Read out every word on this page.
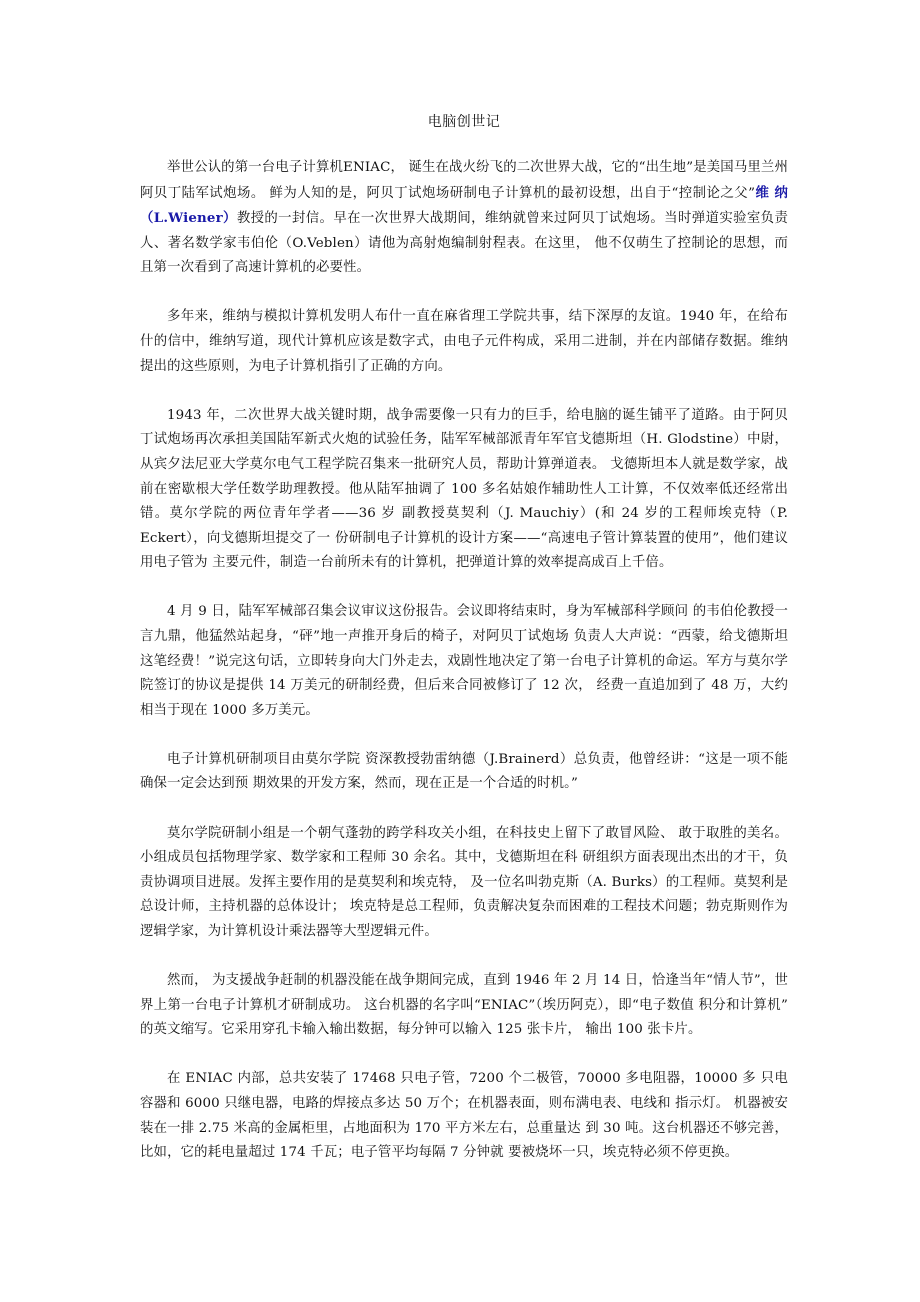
电脑创世记

举世公认的第一台电子计算机ENIAC， 诞生在战火纷飞的二次世界大战，它的“出生地”是美国马里兰州阿贝丁陆军试炮场。 鲜为人知的是，阿贝丁试炮场研制电子计算机的最初设想，出自于“控制论之父”维 纳（L.Wiener）教授的一封信。早在一次世界大战期间，维纳就曾来过阿贝丁试炮场。当时弹道实验室负责人、著名数学家韦伯伦（O.Veblen）请他为高射炮编制射程表。在这里， 他不仅萌生了控制论的思想，而且第一次看到了高速计算机的必要性。

多年来，维纳与模拟计算机发明人布什一直在麻省理工学院共事，结下深厚的友谊。1940 年，在给布什的信中，维纳写道，现代计算机应该是数字式，由电子元件构成，采用二进制，并在内部储存数据。维纳提出的这些原则，为电子计算机指引了正确的方向。

1943 年，二次世界大战关键时期，战争需要像一只有力的巨手，给电脑的诞生铺平了道路。由于阿贝丁试炮场再次承担美国陆军新式火炮的试验任务，陆军军械部派青年军官戈德斯坦（H. Glodstine）中尉，从宾夕法尼亚大学莫尔电气工程学院召集来一批研究人员，帮助计算弹道表。 戈德斯坦本人就是数学家，战前在密歇根大学任数学助理教授。他从陆军抽调了 100 多名姑娘作辅助性人工计算，不仅效率低还经常出错。莫尔学院的两位青年学者——36 岁 副教授莫契利（J. Mauchiy）(和 24 岁的工程师埃克特（P. Eckert），向戈德斯坦提交了一 份研制电子计算机的设计方案——“高速电子管计算装置的使用”，他们建议用电子管为 主要元件，制造一台前所未有的计算机，把弹道计算的效率提高成百上千倍。

4 月 9 日，陆军军械部召集会议审议这份报告。会议即将结束时，身为军械部科学顾问 的韦伯伦教授一言九鼎，他猛然站起身，“砰”地一声推开身后的椅子，对阿贝丁试炮场 负责人大声说：“西蒙，给戈德斯坦这笔经费！”说完这句话，立即转身向大门外走去，戏剧性地决定了第一台电子计算机的命运。军方与莫尔学院签订的协议是提供 14 万美元的研制经费，但后来合同被修订了 12 次， 经费一直追加到了 48 万，大约相当于现在 1000 多万美元。

电子计算机研制项目由莫尔学院 资深教授勃雷纳德（J.Brainerd）总负责，他曾经讲：“这是一项不能确保一定会达到预 期效果的开发方案，然而，现在正是一个合适的时机。”

莫尔学院研制小组是一个朝气蓬勃的跨学科攻关小组，在科技史上留下了敢冒风险、 敢于取胜的美名。小组成员包括物理学家、数学家和工程师 30 余名。其中，戈德斯坦在科 研组织方面表现出杰出的才干，负责协调项目进展。发挥主要作用的是莫契利和埃克特， 及一位名叫勃克斯（A. Burks）的工程师。莫契利是总设计师，主持机器的总体设计； 埃克特是总工程师，负责解决复杂而困难的工程技术问题；勃克斯则作为逻辑学家，为计算机设计乘法器等大型逻辑元件。

然而， 为支援战争赶制的机器没能在战争期间完成，直到 1946 年 2 月 14 日，恰逢当年“情人节”，世界上第一台电子计算机才研制成功。 这台机器的名字叫“ENIAC”（埃历阿克），即“电子数值 积分和计算机” 的英文缩写。它采用穿孔卡输入输出数据，每分钟可以输入 125 张卡片， 输出 100 张卡片。

在 ENIAC 内部，总共安装了 17468 只电子管，7200 个二极管，70000 多电阻器，10000 多 只电容器和 6000 只继电器，电路的焊接点多达 50 万个；在机器表面，则布满电表、电线和 指示灯。 机器被安装在一排 2.75 米高的金属柜里，占地面积为 170 平方米左右，总重量达 到 30 吨。这台机器还不够完善，比如，它的耗电量超过 174 千瓦；电子管平均每隔 7 分钟就 要被烧坏一只，埃克特必须不停更换。
